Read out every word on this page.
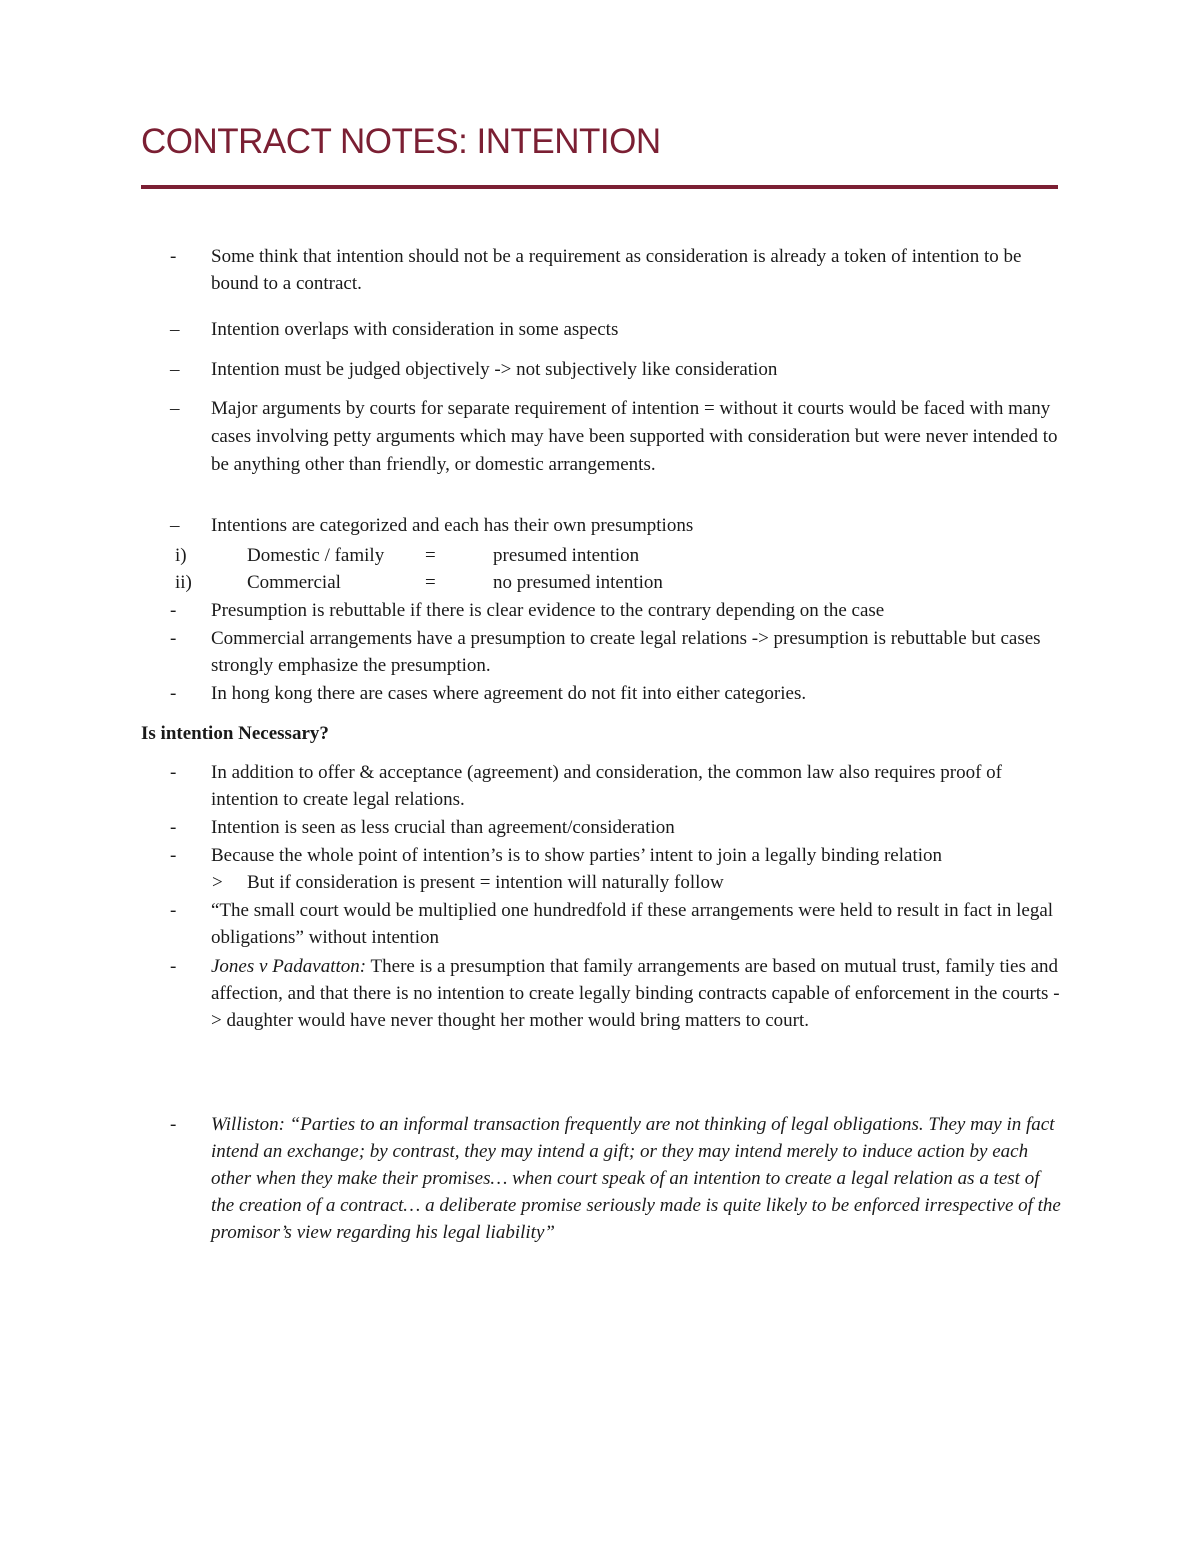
CONTRACT NOTES: INTENTION
-	Some think that intention should not be a requirement as consideration is already a token of intention to be bound to a contract.
–	Intention overlaps with consideration in some aspects
–	Intention must be judged objectively -> not subjectively like consideration
–	Major arguments by courts for separate requirement of intention = without it courts would be faced with many cases involving petty arguments which may have been supported with consideration but were never intended to be anything other than friendly, or domestic arrangements.
–	Intentions are categorized and each has their own presumptions
i)	Domestic / family =	presumed intention
ii)	Commercial	=	no presumed intention
-	Presumption is rebuttable if there is clear evidence to the contrary depending on the case
-	Commercial arrangements have a presumption to create legal relations -> presumption is rebuttable but cases strongly emphasize the presumption.
-	In hong kong there are cases where agreement do not fit into either categories.
Is intention Necessary?
-	In addition to offer & acceptance (agreement) and consideration, the common law also requires proof of intention to create legal relations.
-	Intention is seen as less crucial than agreement/consideration
-	Because the whole point of intention’s is to show parties’ intent to join a legally binding relation
> But if consideration is present = intention will naturally follow
-	“The small court would be multiplied one hundredfold if these arrangements were held to result in fact in legal obligations” without intention
-	Jones v Padavatton: There is a presumption that family arrangements are based on mutual trust, family ties and affection, and that there is no intention to create legally binding contracts capable of enforcement in the courts -> daughter would have never thought her mother would bring matters to court.
-	Williston: “Parties to an informal transaction frequently are not thinking of legal obligations. They may in fact intend an exchange; by contrast, they may intend a gift; or they may intend merely to induce action by each other when they make their promises… when court speak of an intention to create a legal relation as a test of the creation of a contract… a deliberate promise seriously made is quite likely to be enforced irrespective of the promisor’s view regarding his legal liability”
